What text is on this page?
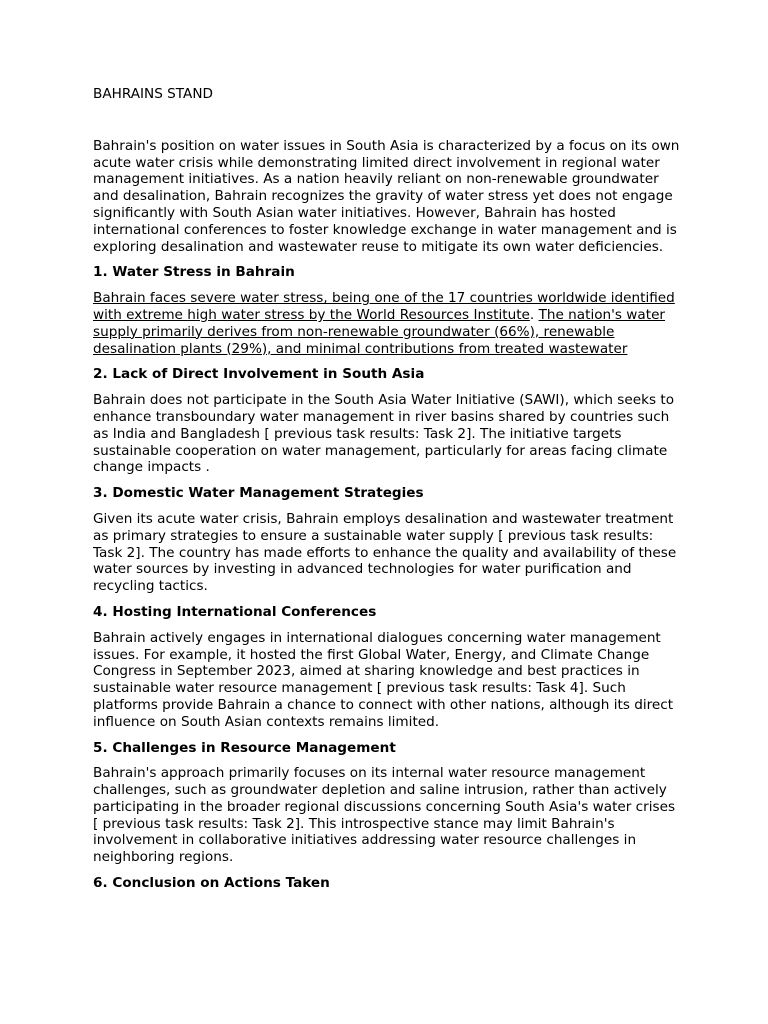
BAHRAINS STAND

Bahrain's position on water issues in South Asia is characterized by a focus on its own acute water crisis while demonstrating limited direct involvement in regional water management initiatives. As a nation heavily reliant on non-renewable groundwater and desalination, Bahrain recognizes the gravity of water stress yet does not engage significantly with South Asian water initiatives. However, Bahrain has hosted international conferences to foster knowledge exchange in water management and is exploring desalination and wastewater reuse to mitigate its own water deficiencies.

1. Water Stress in Bahrain

Bahrain faces severe water stress, being one of the 17 countries worldwide identified with extreme high water stress by the World Resources Institute. The nation's water supply primarily derives from non-renewable groundwater (66%), renewable desalination plants (29%), and minimal contributions from treated wastewater

2. Lack of Direct Involvement in South Asia

Bahrain does not participate in the South Asia Water Initiative (SAWI), which seeks to enhance transboundary water management in river basins shared by countries such as India and Bangladesh [ previous task results: Task 2]. The initiative targets sustainable cooperation on water management, particularly for areas facing climate change impacts .

3. Domestic Water Management Strategies

Given its acute water crisis, Bahrain employs desalination and wastewater treatment as primary strategies to ensure a sustainable water supply [ previous task results: Task 2]. The country has made efforts to enhance the quality and availability of these water sources by investing in advanced technologies for water purification and recycling tactics.

4. Hosting International Conferences

Bahrain actively engages in international dialogues concerning water management issues. For example, it hosted the first Global Water, Energy, and Climate Change Congress in September 2023, aimed at sharing knowledge and best practices in sustainable water resource management [ previous task results: Task 4]. Such platforms provide Bahrain a chance to connect with other nations, although its direct influence on South Asian contexts remains limited.

5. Challenges in Resource Management

Bahrain's approach primarily focuses on its internal water resource management challenges, such as groundwater depletion and saline intrusion, rather than actively participating in the broader regional discussions concerning South Asia's water crises [ previous task results: Task 2]. This introspective stance may limit Bahrain's involvement in collaborative initiatives addressing water resource challenges in neighboring regions.

6. Conclusion on Actions Taken
